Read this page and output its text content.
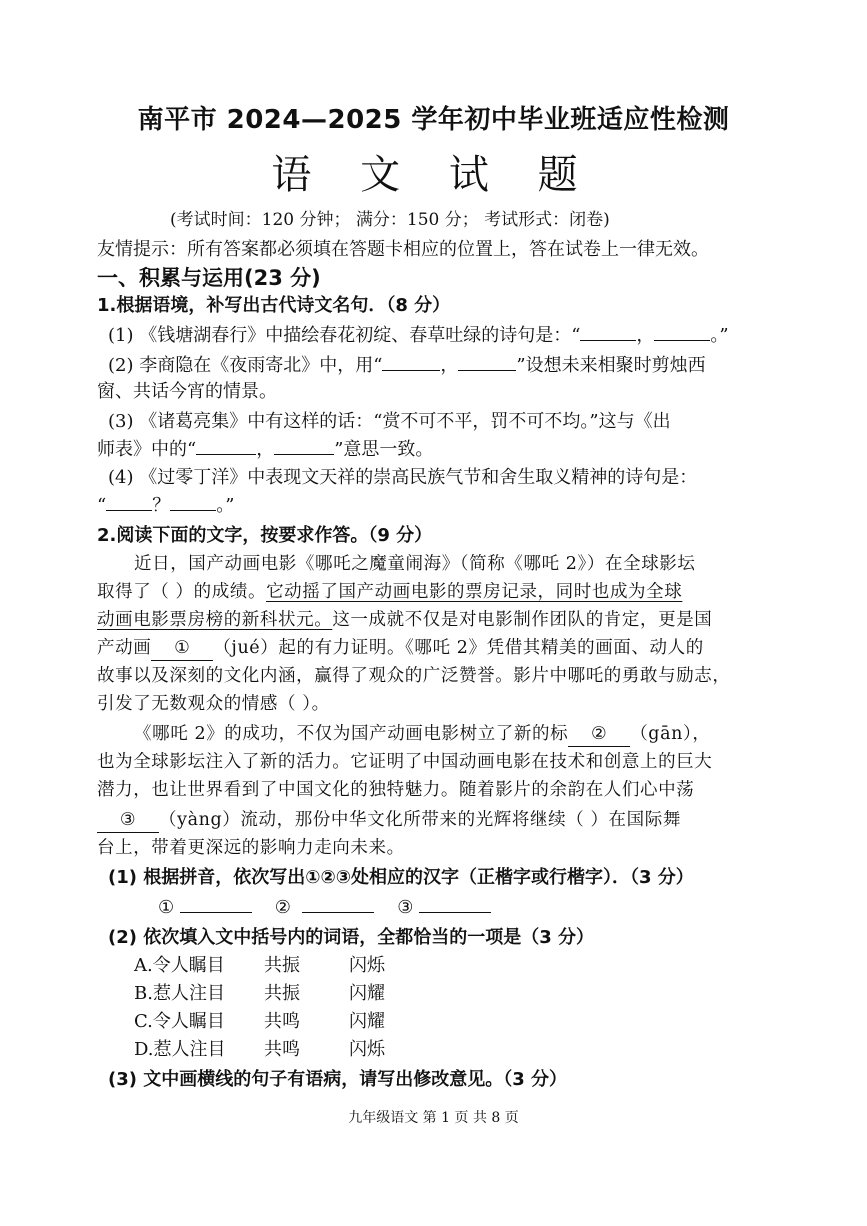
南平市 2024—2025 学年初中毕业班适应性检测
语 文 试 题
(考试时间：120 分钟； 满分：150 分； 考试形式：闭卷)
友情提示：所有答案都必须填在答题卡相应的位置上，答在试卷上一律无效。
一、积累与运用(23 分)
1.根据语境，补写出古代诗文名句．（8 分）
(1) 《钱塘湖春行》中描绘春花初绽、春草吐绿的诗句是：“	，	。”
(2) 李商隐在《夜雨寄北》中，用“	，	”设想未来相聚时剪烛西
窗、共话今宵的情景。
(3) 《诸葛亮集》中有这样的话：“赏不可不平，罚不可不均。”这与《出
师表》中的“	，	”意思一致。
(4) 《过零丁洋》中表现文天祥的崇高民族气节和舍生取义精神的诗句是：
“	？	。”
2.阅读下面的文字，按要求作答。（9 分）
近日，国产动画电影《哪吒之魔童闹海》（简称《哪吒 2》）在全球影坛
取得了（ ）的成绩。它动摇了国产动画电影的票房记录，同时也成为全球
动画电影票房榜的新科状元。这一成就不仅是对电影制作团队的肯定，更是国
产动画 ① （jué）起的有力证明。《哪吒 2》凭借其精美的画面、动人的
故事以及深刻的文化内涵，赢得了观众的广泛赞誉。影片中哪吒的勇敢与励志，
引发了无数观众的情感（ ）。
《哪吒 2》的成功，不仅为国产动画电影树立了新的标 ② （gān），
也为全球影坛注入了新的活力。它证明了中国动画电影在技术和创意上的巨大
潜力，也让世界看到了中国文化的独特魅力。随着影片的余韵在人们心中荡
③ （yàng）流动，那份中华文化所带来的光辉将继续（ ）在国际舞
台上，带着更深远的影响力走向未来。
(1) 根据拼音，依次写出①②③处相应的汉字（正楷字或行楷字）．（3 分）
①	②	③
(2) 依次填入文中括号内的词语，全都恰当的一项是（3 分）
A.令人瞩目 共振	闪烁
B.惹人注目 共振	闪耀
C.令人瞩目 共鸣	闪耀
D.惹人注目 共鸣	闪烁
(3) 文中画横线的句子有语病，请写出修改意见。（3 分）
九年级语文 第 1 页 共 8 页
